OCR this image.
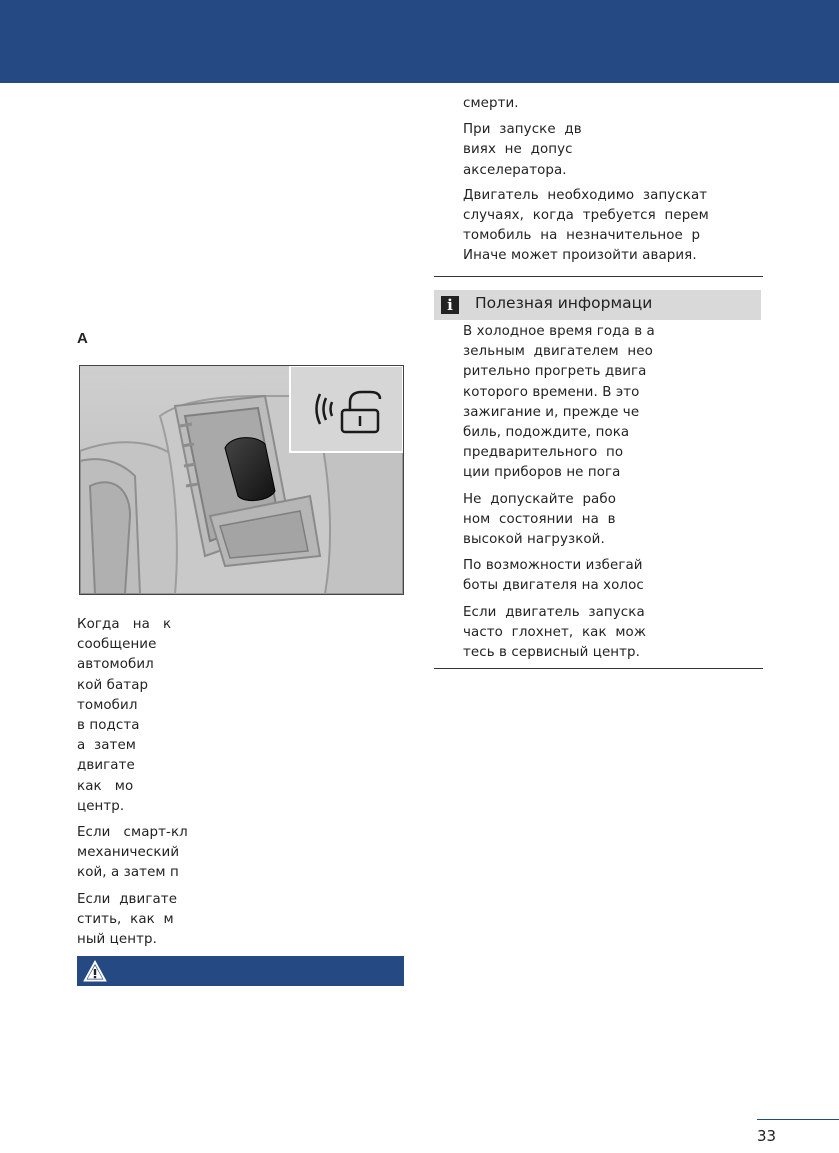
смерти.

При  запуске  дв
виях  не  допус
акселератора.

Двигатель  необходимо  запускат
случаях,  когда  требуется  перем
томобиль  на  незначительное  р
Иначе может произойти авария.

i	Полезная информаци

В холодное время года в а
зельным  двигателем  нео
рительно прогреть двига
которого времени. В это
зажигание и, прежде че
биль, подождите, пока
предварительного  по
ции приборов не пога

Не  допускайте  рабо
ном  состоянии  на  в
высокой нагрузкой.

По возможности избегай
боты двигателя на холос

Если  двигатель  запуска
часто  глохнет,  как  мож
тесь в сервисный центр.

A

Когда   на   к
сообщение
автомобил
кой батар
томобил
в подста
а  затем
двигате
как   мо
центр.

Если   смарт-кл
механический
кой, а затем п

Если  двигате
стить,  как  м
ный центр.

33
